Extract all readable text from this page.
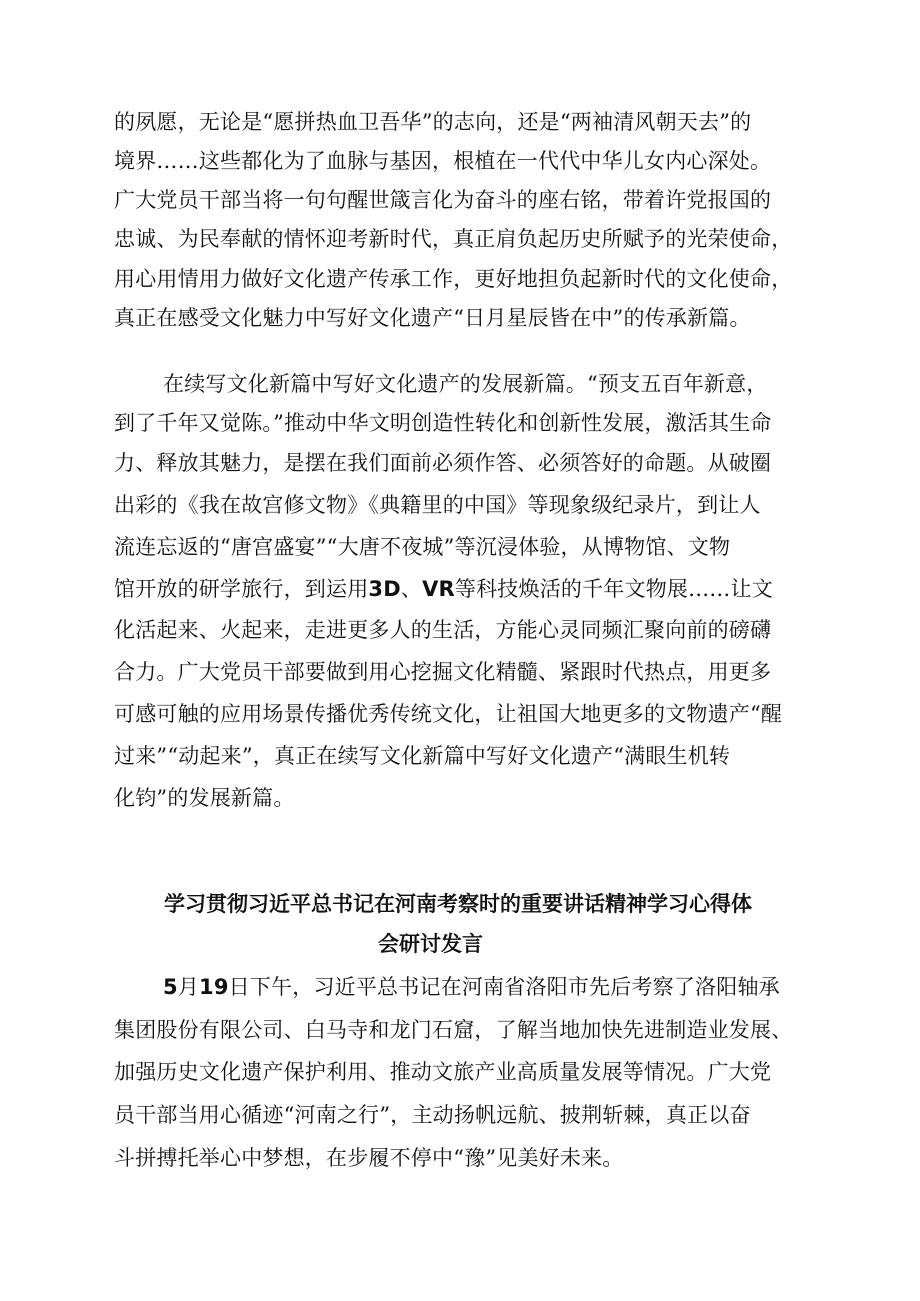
的夙愿，无论是“愿拼热血卫吾华”的志向，还是“两袖清风朝天去”的
境界……这些都化为了血脉与基因，根植在一代代中华儿女内心深处。
广大党员干部当将一句句醒世箴言化为奋斗的座右铭，带着许党报国的
忠诚、为民奉献的情怀迎考新时代，真正肩负起历史所赋予的光荣使命，
用心用情用力做好文化遗产传承工作，更好地担负起新时代的文化使命，
真正在感受文化魅力中写好文化遗产“日月星辰皆在中”的传承新篇。
在续写文化新篇中写好文化遗产的发展新篇。“预支五百年新意，
到了千年又觉陈。”推动中华文明创造性转化和创新性发展，激活其生命
力、释放其魅力，是摆在我们面前必须作答、必须答好的命题。从破圈
出彩的《我在故宫修文物》《典籍里的中国》等现象级纪录片，到让人
流连忘返的“唐宫盛宴”“大唐不夜城”等沉浸体验，从博物馆、文物
馆开放的研学旅行，到运用3D、VR等科技焕活的千年文物展……让文
化活起来、火起来，走进更多人的生活，方能心灵同频汇聚向前的磅礴
合力。广大党员干部要做到用心挖掘文化精髓、紧跟时代热点，用更多
可感可触的应用场景传播优秀传统文化，让祖国大地更多的文物遗产“醒
过来”“动起来”，真正在续写文化新篇中写好文化遗产“满眼生机转
化钧”的发展新篇。
学习贯彻习近平总书记在河南考察时的重要讲话精神学习心得体
会研讨发言
5月19日下午，习近平总书记在河南省洛阳市先后考察了洛阳轴承
集团股份有限公司、白马寺和龙门石窟，了解当地加快先进制造业发展、
加强历史文化遗产保护利用、推动文旅产业高质量发展等情况。广大党
员干部当用心循迹“河南之行”，主动扬帆远航、披荆斩棘，真正以奋
斗拼搏托举心中梦想，在步履不停中“豫”见美好未来。
